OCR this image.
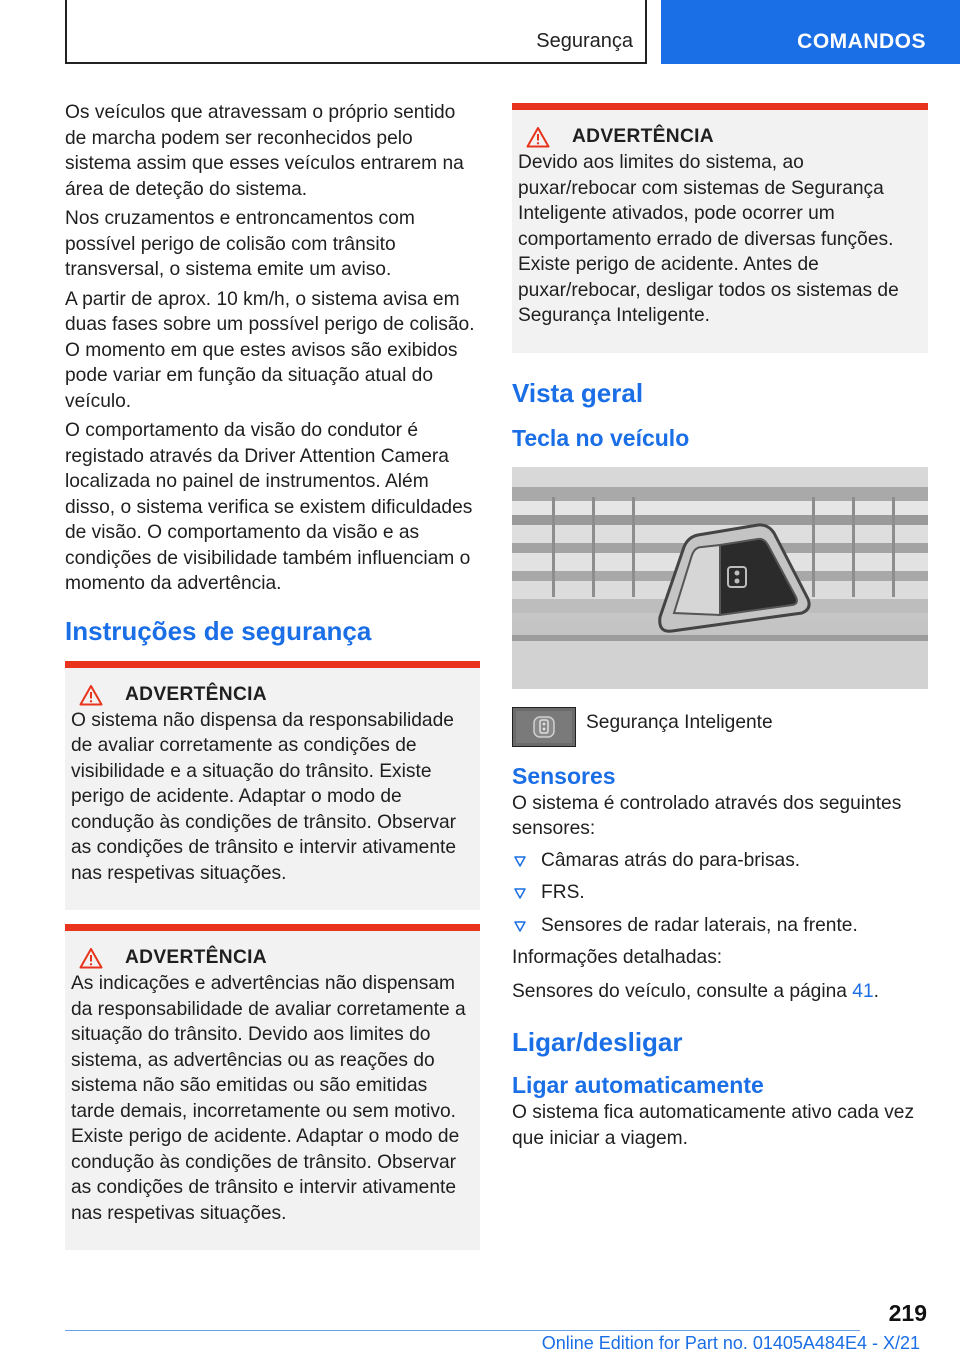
Segurança	COMANDOS

Os veículos que atravessam o próprio sentido de marcha podem ser reconhecidos pelo sistema assim que esses veículos entrarem na área de deteção do sistema.

Nos cruzamentos e entroncamentos com possível perigo de colisão com trânsito transversal, o sistema emite um aviso.

A partir de aprox. 10 km/h, o sistema avisa em duas fases sobre um possível perigo de colisão. O momento em que estes avisos são exibidos pode variar em função da situação atual do veículo.

O comportamento da visão do condutor é registado através da Driver Attention Camera localizada no painel de instrumentos. Além disso, o sistema verifica se existem dificuldades de visão. O comportamento da visão e as condições de visibilidade também influenciam o momento da advertência.

Instruções de segurança
ADVERTÊNCIA

O sistema não dispensa da responsabilidade de avaliar corretamente as condições de visibilidade e a situação do trânsito. Existe perigo de acidente. Adaptar o modo de condução às condições de trânsito. Observar as condições de trânsito e intervir ativamente nas respetivas situações.

ADVERTÊNCIA

As indicações e advertências não dispensam da responsabilidade de avaliar corretamente a situação do trânsito. Devido aos limites do sistema, as advertências ou as reações do sistema não são emitidas ou são emitidas tarde demais, incorretamente ou sem motivo. Existe perigo de acidente. Adaptar o modo de condução às condições de trânsito. Observar as condições de trânsito e intervir ativamente nas respetivas situações.

ADVERTÊNCIA

Devido aos limites do sistema, ao puxar/rebocar com sistemas de Segurança Inteligente ativados, pode ocorrer um comportamento errado de diversas funções. Existe perigo de acidente. Antes de puxar/rebocar, desligar todos os sistemas de Segurança Inteligente.

Vista geral
Tecla no veículo

Segurança Inteligente

Sensores

O sistema é controlado através dos seguintes sensores:

Câmaras atrás do para-brisas.
FRS.
Sensores de radar laterais, na frente.

Informações detalhadas:

Sensores do veículo, consulte a página 41.

Ligar/desligar
Ligar automaticamente

O sistema fica automaticamente ativo cada vez que iniciar a viagem.

219
Online Edition for Part no. 01405A484E4 - X/21
